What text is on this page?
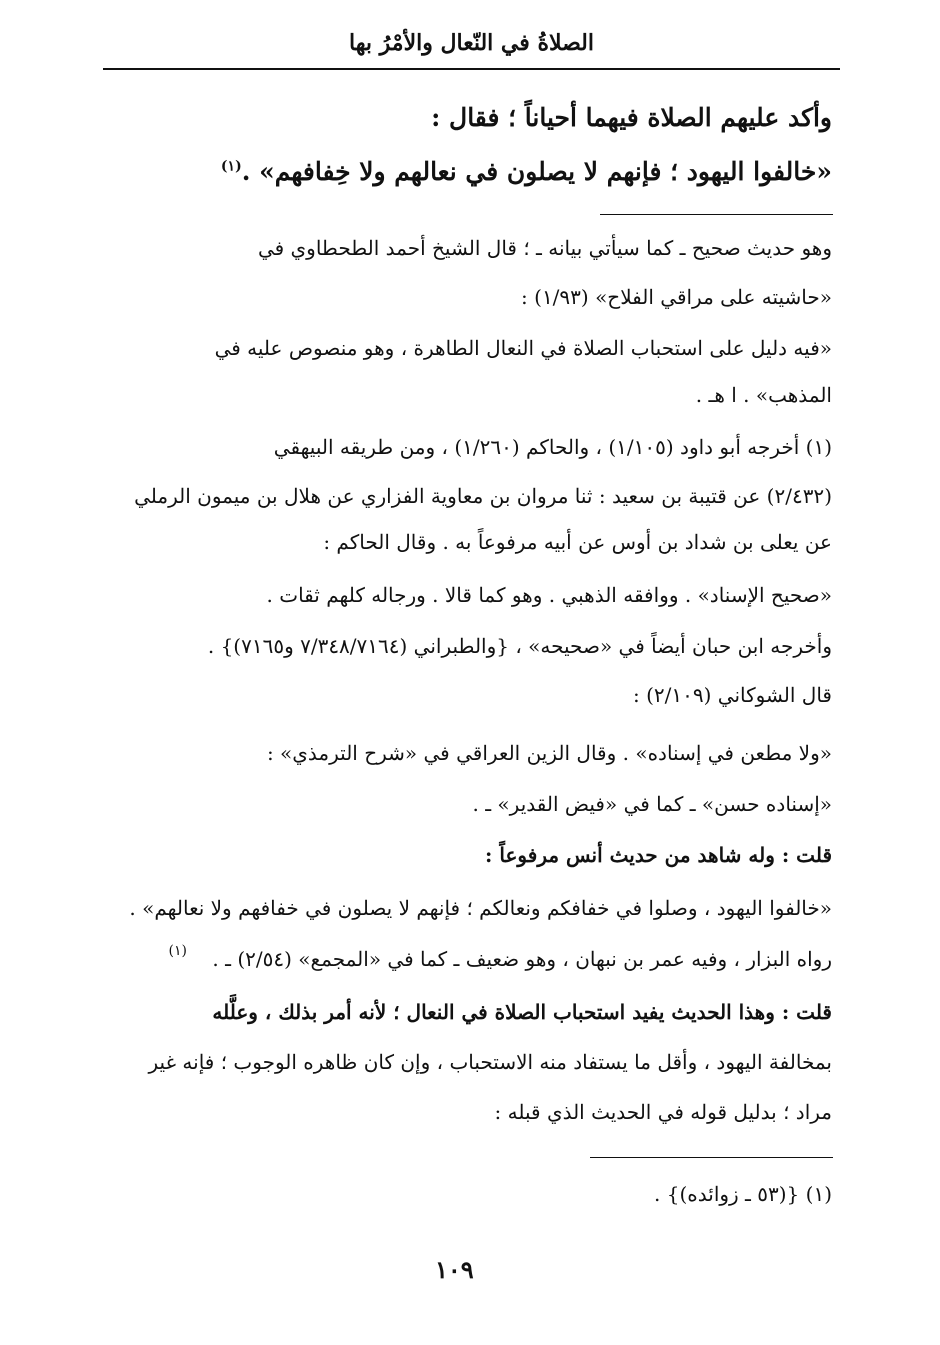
الصلاةُ في النّعال والأمْرُ بها
وأكد عليهم الصلاة فيهما أحياناً ؛ فقال :
«خالفوا اليهود ؛ فإنهم لا يصلون في نعالهم ولا خِفافهم» .$^{(١)}$
وهو حديث صحيح ـ كما سيأتي بيانه ـ ؛ قال الشيخ أحمد الطحطاوي في
«حاشيته على مراقي الفلاح» (١/٩٣) :
«فيه دليل على استحباب الصلاة في النعال الطاهرة ، وهو منصوص عليه في
المذهب» . ا هـ .
(١) أخرجه أبو داود (١/١٠٥) ، والحاكم (١/٢٦٠) ، ومن طريقه البيهقي
(٢/٤٣٢) عن قتيبة بن سعيد : ثنا مروان بن معاوية الفزاري عن هلال بن ميمون الرملي
عن يعلى بن شداد بن أوس عن أبيه مرفوعاً به . وقال الحاكم :
«صحيح الإسناد» . ووافقه الذهبي . وهو كما قالا . ورجاله كلهم ثقات .
وأخرجه ابن حبان أيضاً في «صحيحه» ، {والطبراني (٧/٣٤٨/٧١٦٤ و٧١٦٥)} .
قال الشوكاني (٢/١٠٩) :
«ولا مطعن في إسناده» . وقال الزين العراقي في «شرح الترمذي» :
«إسناده حسن» ـ كما في «فيض القدير» ـ .
قلت : وله شاهد من حديث أنس مرفوعاً :
«خالفوا اليهود ، وصلوا في خفافكم ونعالكم ؛ فإنهم لا يصلون في خفافهم ولا نعالهم» .
رواه البزار ، وفيه عمر بن نبهان ، وهو ضعيف ـ كما في «المجمع» (٢/٥٤) ـ .
(١)
قلت : وهذا الحديث يفيد استحباب الصلاة في النعال ؛ لأنه أمر بذلك ، وعلَّله
بمخالفة اليهود ، وأقل ما يستفاد منه الاستحباب ، وإن كان ظاهره الوجوب ؛ فإنه غير
مراد ؛ بدليل قوله في الحديث الذي قبله :
(١) {(٥٣ ـ زوائده)} .
١٠٩
